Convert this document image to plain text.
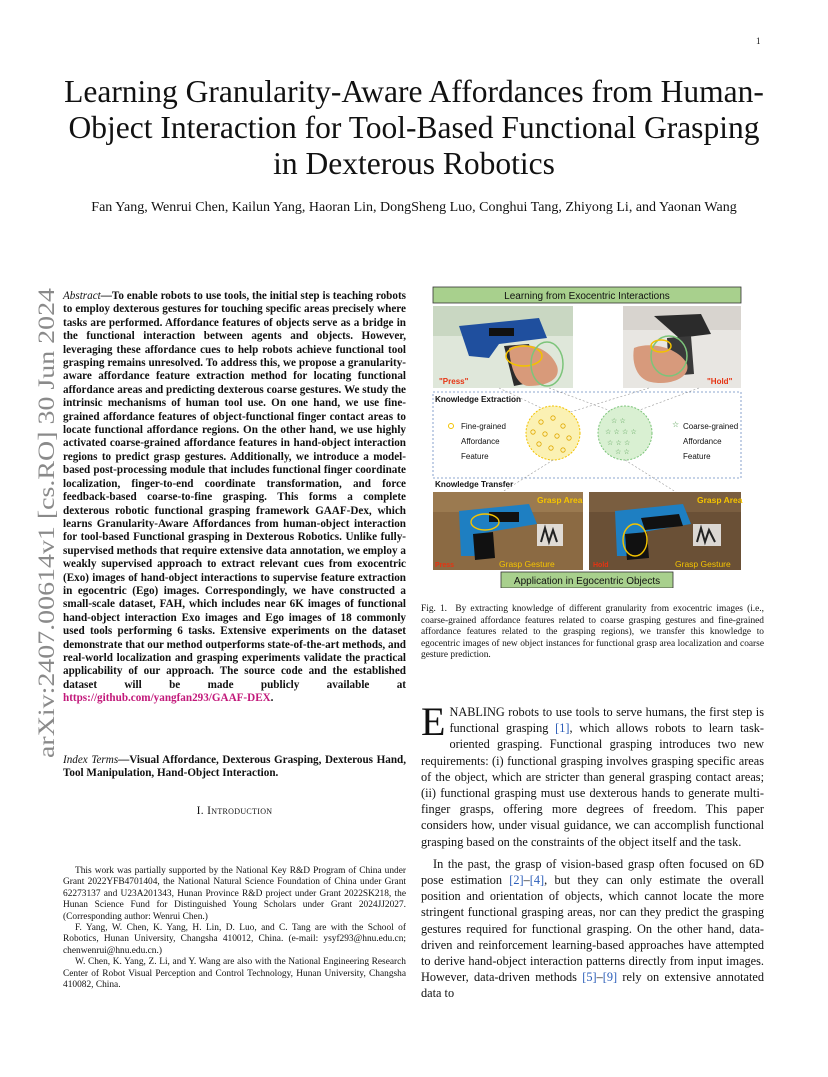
1
arXiv:2407.00614v1 [cs.RO] 30 Jun 2024
Learning Granularity-Aware Affordances from Human-Object Interaction for Tool-Based Functional Grasping in Dexterous Robotics
Fan Yang, Wenrui Chen, Kailun Yang, Haoran Lin, DongSheng Luo, Conghui Tang, Zhiyong Li, and Yaonan Wang
Abstract—To enable robots to use tools, the initial step is teaching robots to employ dexterous gestures for touching specific areas precisely where tasks are performed. Affordance features of objects serve as a bridge in the functional interaction between agents and objects. However, leveraging these affordance cues to help robots achieve functional tool grasping remains unresolved. To address this, we propose a granularity-aware affordance feature extraction method for locating functional affordance areas and predicting dexterous coarse gestures. We study the intrinsic mechanisms of human tool use. On one hand, we use fine-grained affordance features of object-functional finger contact areas to locate functional affordance regions. On the other hand, we use highly activated coarse-grained affordance features in hand-object interaction regions to predict grasp gestures. Additionally, we introduce a model-based post-processing module that includes functional finger coordinate localization, finger-to-end coordinate transformation, and force feedback-based coarse-to-fine grasping. This forms a complete dexterous robotic functional grasping framework GAAF-Dex, which learns Granularity-Aware Affordances from human-object interaction for tool-based Functional grasping in Dexterous Robotics. Unlike fully-supervised methods that require extensive data annotation, we employ a weakly supervised approach to extract relevant cues from exocentric (Exo) images of hand-object interactions to supervise feature extraction in egocentric (Ego) images. Correspondingly, we have constructed a small-scale dataset, FAH, which includes near 6K images of functional hand-object interaction Exo images and Ego images of 18 commonly used tools performing 6 tasks. Extensive experiments on the dataset demonstrate that our method outperforms state-of-the-art methods, and real-world localization and grasping experiments validate the practical applicability of our approach. The source code and the established dataset will be made publicly available at https://github.com/yangfan293/GAAF-DEX.
Index Terms—Visual Affordance, Dexterous Grasping, Dexterous Hand, Tool Manipulation, Hand-Object Interaction.
I. Introduction

This work was partially supported by the National Key R&D Program of China under Grant 2022YFB4701404, the National Natural Science Foundation of China under Grant 62273137 and U23A201343, Hunan Province R&D project under Grant 2022SK218, the Hunan Science Fund for Distinguished Young Scholars under Grant 2024JJ2027. (Corresponding author: Wenrui Chen.)

F. Yang, W. Chen, K. Yang, H. Lin, D. Luo, and C. Tang are with the School of Robotics, Hunan University, Changsha 410012, China. (e-mail: ysyf293@hnu.edu.cn; chenwenrui@hnu.edu.cn.)

W. Chen, K. Yang, Z. Li, and Y. Wang are also with the National Engineering Research Center of Robot Visual Perception and Control Technology, Hunan University, Changsha 410082, China.

Learning from Exocentric Interactions
"Press"	"Hold"
Knowledge Extraction
☆ ☆
☆ ☆ ☆ ☆
☆ ☆ ☆
☆ ☆
Fine-grained
Affordance
Feature
☆ Coarse-grained
Affordance
Feature
Knowledge Transfer
Grasp Area
Grasp Gesture
Press
Grasp Area
Grasp Gesture
Hold
Application in Egocentric Objects
Fig. 1. By extracting knowledge of different granularity from exocentric images (i.e., coarse-grained affordance features related to coarse grasping gestures and fine-grained affordance features related to the grasping regions), we transfer this knowledge to egocentric images of new object instances for functional grasp area localization and coarse gesture prediction.

ENABLING robots to use tools to serve humans, the first step is functional grasping [1], which allows robots to learn task-oriented grasping. Functional grasping introduces two new requirements: (i) functional grasping involves grasping specific areas of the object, which are stricter than general grasping contact areas; (ii) functional grasping must use dexterous hands to generate multi-finger grasps, offering more degrees of freedom. This paper considers how, under visual guidance, we can accomplish functional grasping based on the constraints of the object itself and the task.

In the past, the grasp of vision-based grasp often focused on 6D pose estimation [2]–[4], but they can only estimate the overall position and orientation of objects, which cannot locate the more stringent functional grasping areas, nor can they predict the grasping gestures required for functional grasping. On the other hand, data-driven and reinforcement learning-based approaches have attempted to derive hand-object interaction patterns directly from input images. However, data-driven methods [5]–[9] rely on extensive annotated data to
